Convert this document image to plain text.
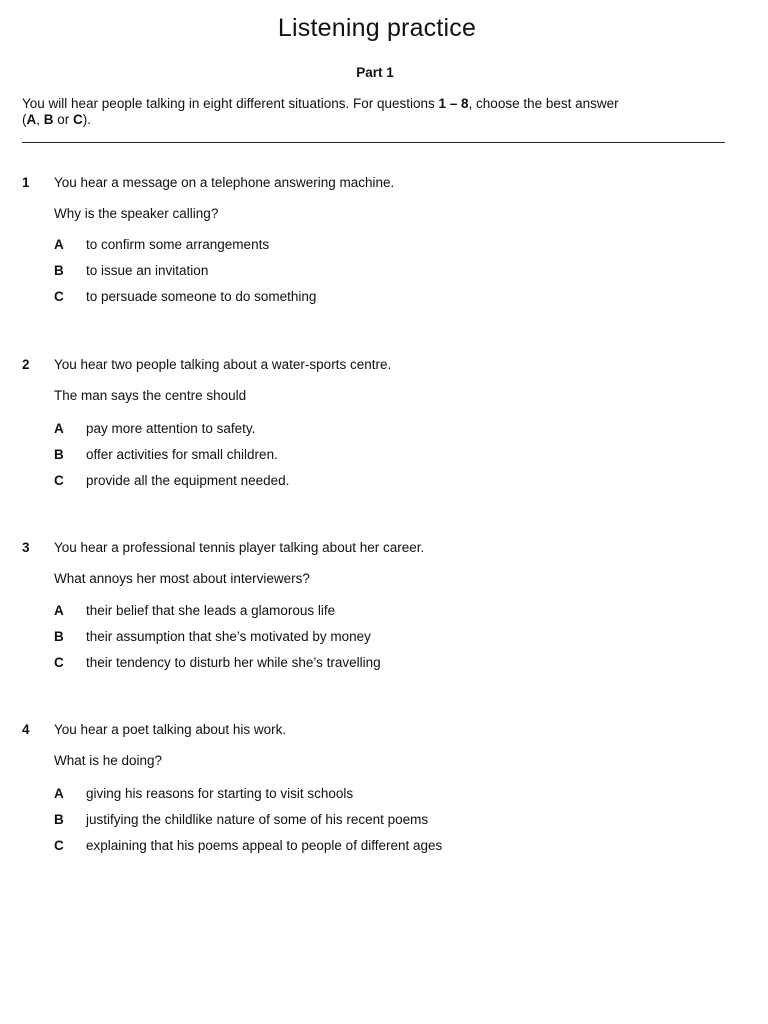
Listening practice
Part 1

You will hear people talking in eight different situations. For questions 1 – 8, choose the best answer
(A, B or C).

1 You hear a message on a telephone answering machine.
Why is the speaker calling?
A to confirm some arrangements
B to issue an invitation
C to persuade someone to do something
2 You hear two people talking about a water-sports centre.
The man says the centre should
A pay more attention to safety.
B offer activities for small children.
C provide all the equipment needed.
3 You hear a professional tennis player talking about her career.
What annoys her most about interviewers?
A their belief that she leads a glamorous life
B their assumption that she’s motivated by money
C their tendency to disturb her while she’s travelling
4 You hear a poet talking about his work.
What is he doing?
A giving his reasons for starting to visit schools
B justifying the childlike nature of some of his recent poems
C explaining that his poems appeal to people of different ages
